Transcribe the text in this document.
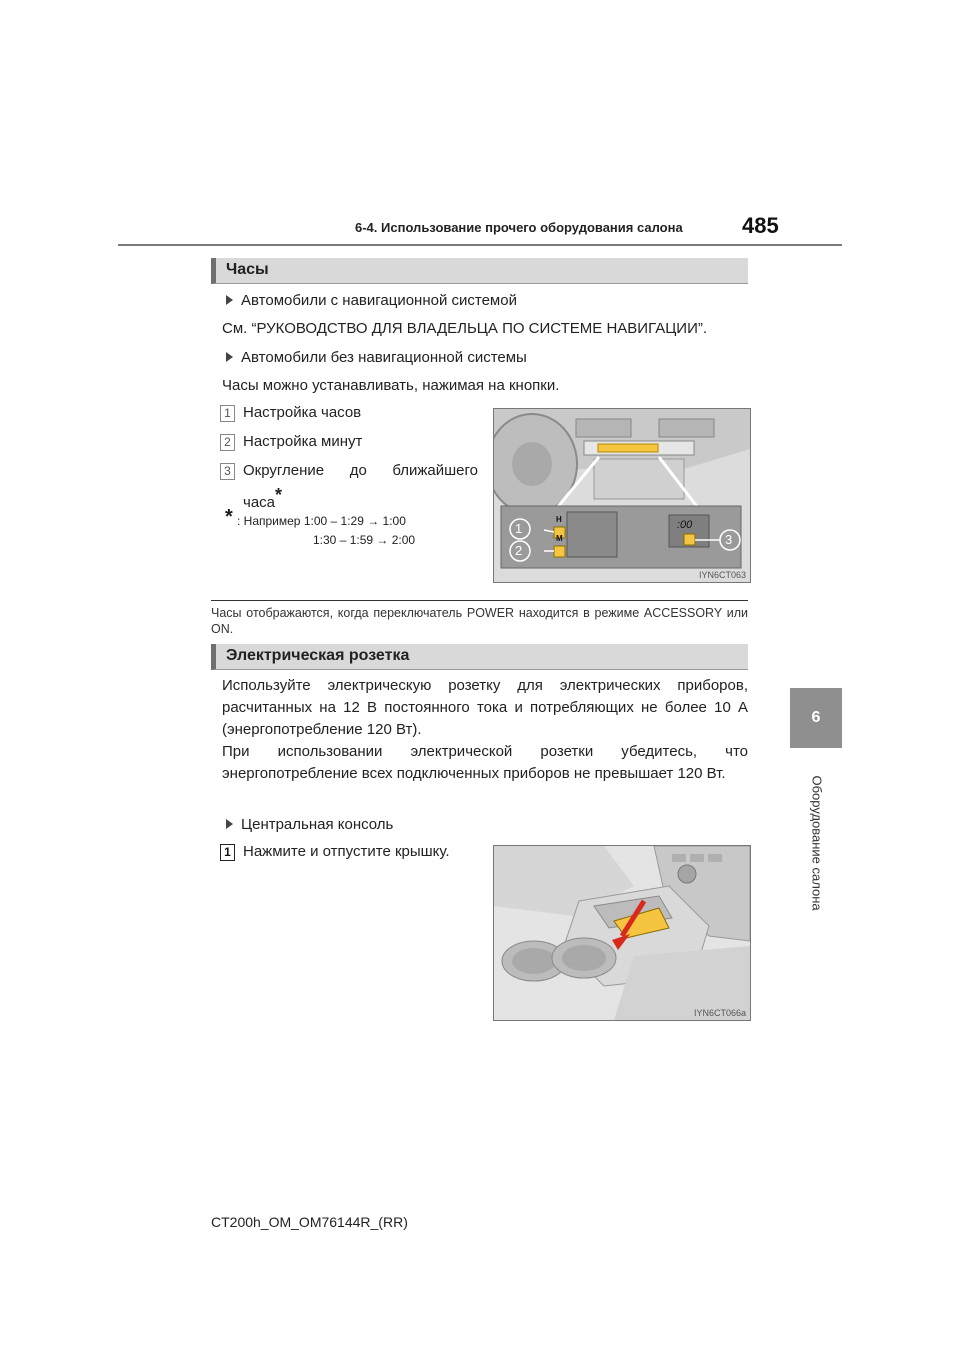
6-4. Использование прочего оборудования салона	485
6
Оборудование салона
Часы
Автомобили с навигационной системой
См. “РУКОВОДСТВО ДЛЯ ВЛАДЕЛЬЦА ПО СИСТЕМЕ НАВИГАЦИИ”.
Автомобили без навигационной системы
Часы можно устанавливать, нажимая на кнопки.
1 Настройка часов
2 Настройка минут
3 Округление до ближайшего
часа*
* : Например 1:00 – 1:29 → 1:00
1:30 – 1:59 → 2:00
H
M
:00
1
2
3
IYN6CT063
Часы отображаются, когда переключатель POWER находится в режиме ACCESSORY или ON.
Электрическая розетка
Используйте электрическую розетку для электрических приборов, расчитанных на 12 В постоянного тока и потребляющих не более 10 А (энергопотребление 120 Вт).
При использовании электрической розетки убедитесь, что энергопотребление всех подключенных приборов не превышает 120 Вт.
Центральная консоль
1 Нажмите и отпустите крышку.
IYN6CT066a
CT200h_OM_OM76144R_(RR)
